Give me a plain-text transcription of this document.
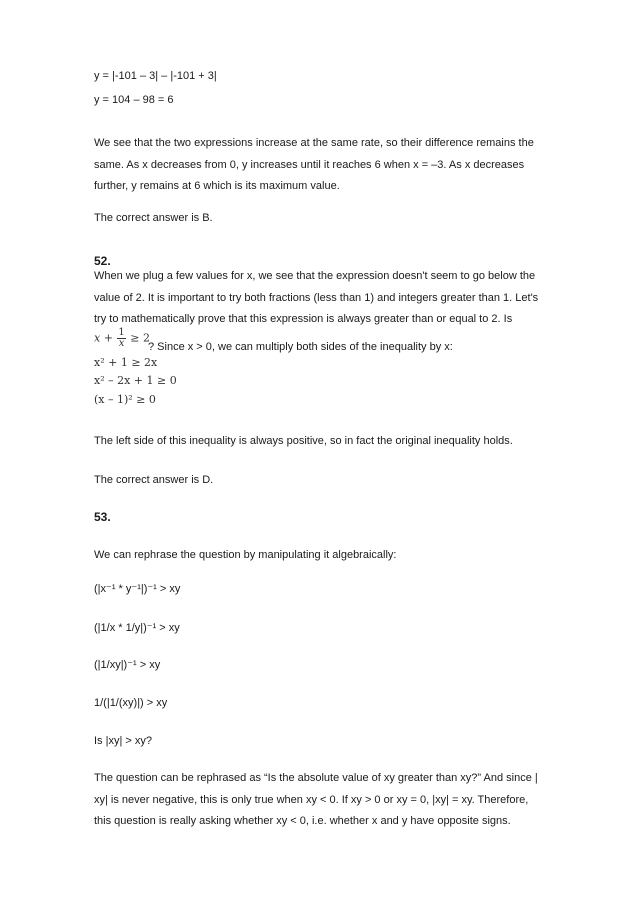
y = |-101 – 3| – |-101 + 3|
y = 104 – 98 = 6
We see that the two expressions increase at the same rate, so their difference remains the
same. As x decreases from 0, y increases until it reaches 6 when x = –3. As x decreases
further, y remains at 6 which is its maximum value.
The correct answer is B.
52.
When we plug a few values for x, we see that the expression doesn't seem to go below the
value of 2. It is important to try both fractions (less than 1) and integers greater than 1. Let's
try to mathematically prove that this expression is always greater than or equal to 2. Is
$x + \frac{1}{x} \ge 2$
? Since x > 0, we can multiply both sides of the inequality by x:
x² + 1 ≥ 2x
x² – 2x + 1 ≥ 0
(x – 1)² ≥ 0
The left side of this inequality is always positive, so in fact the original inequality holds.
The correct answer is D.
53.
We can rephrase the question by manipulating it algebraically:
(|x⁻¹ * y⁻¹|)⁻¹ > xy
(|1/x * 1/y|)⁻¹ > xy
(|1/xy|)⁻¹ > xy
1/(|1/(xy)|) > xy
Is |xy| > xy?
The question can be rephrased as “Is the absolute value of xy greater than xy?” And since |
xy| is never negative, this is only true when xy < 0. If xy > 0 or xy = 0, |xy| = xy. Therefore,
this question is really asking whether xy < 0, i.e. whether x and y have opposite signs.
